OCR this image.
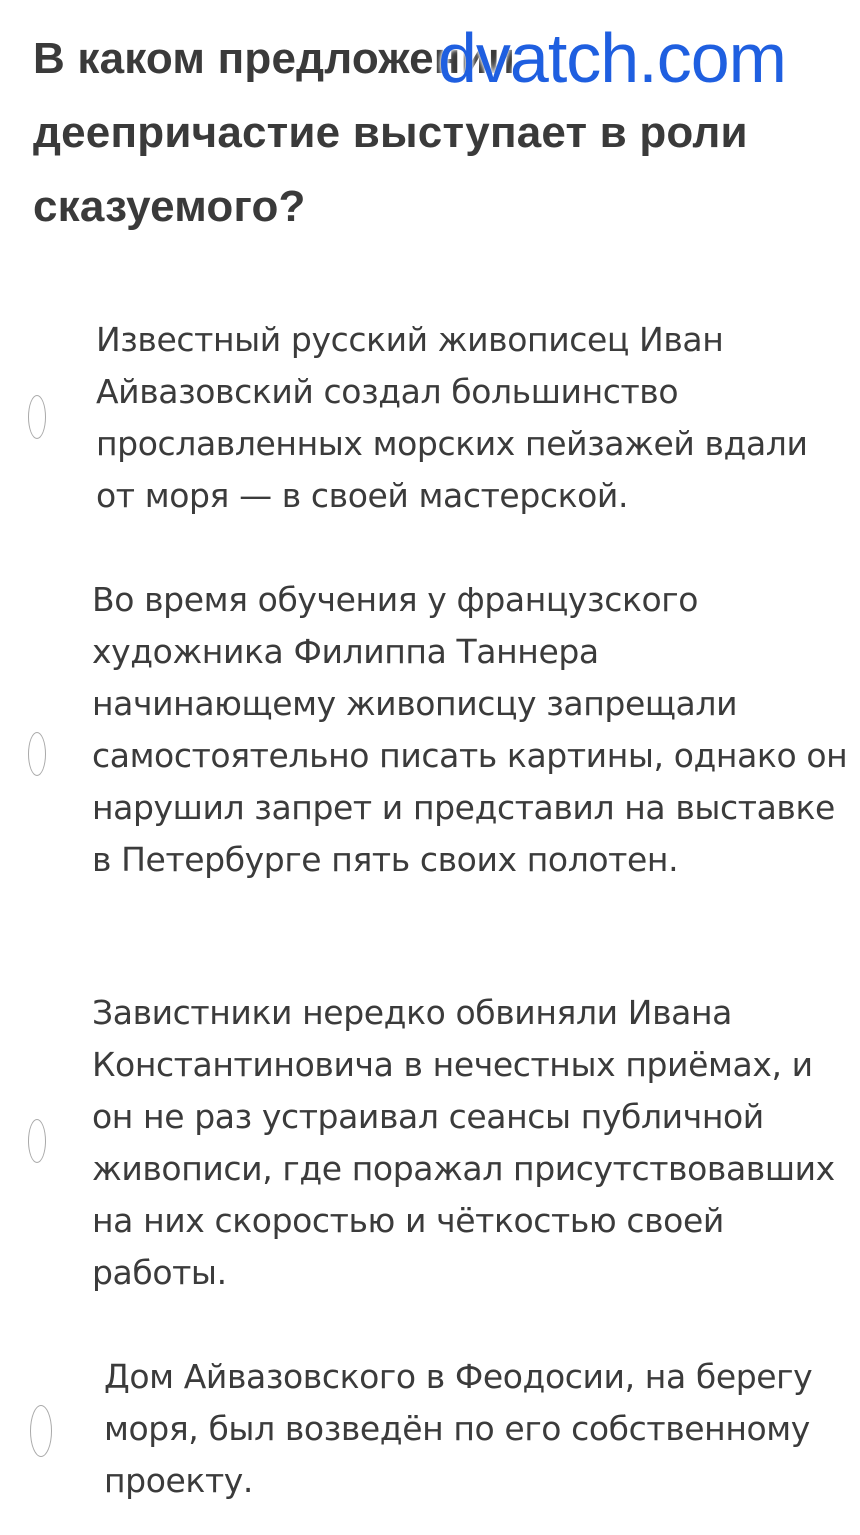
В каком предложении деепричастие выступает в роли сказуемого?
dvatch.com

Известный русский живописец Иван Айвазовский создал большинство прославленных морских пейзажей вдали от моря — в своей мастерской.

Во время обучения у французского художника Филиппа Таннера начинающему живописцу запрещали самостоятельно писать картины, однако он нарушил запрет и представил на выставке в Петербурге пять своих полотен.

Завистники нередко обвиняли Ивана Константиновича в нечестных приёмах, и он не раз устраивал сеансы публичной живописи, где поражал присутствовавших на них скоростью и чёткостью своей работы.

Дом Айвазовского в Феодосии, на берегу моря, был возведён по его собственному проекту.
